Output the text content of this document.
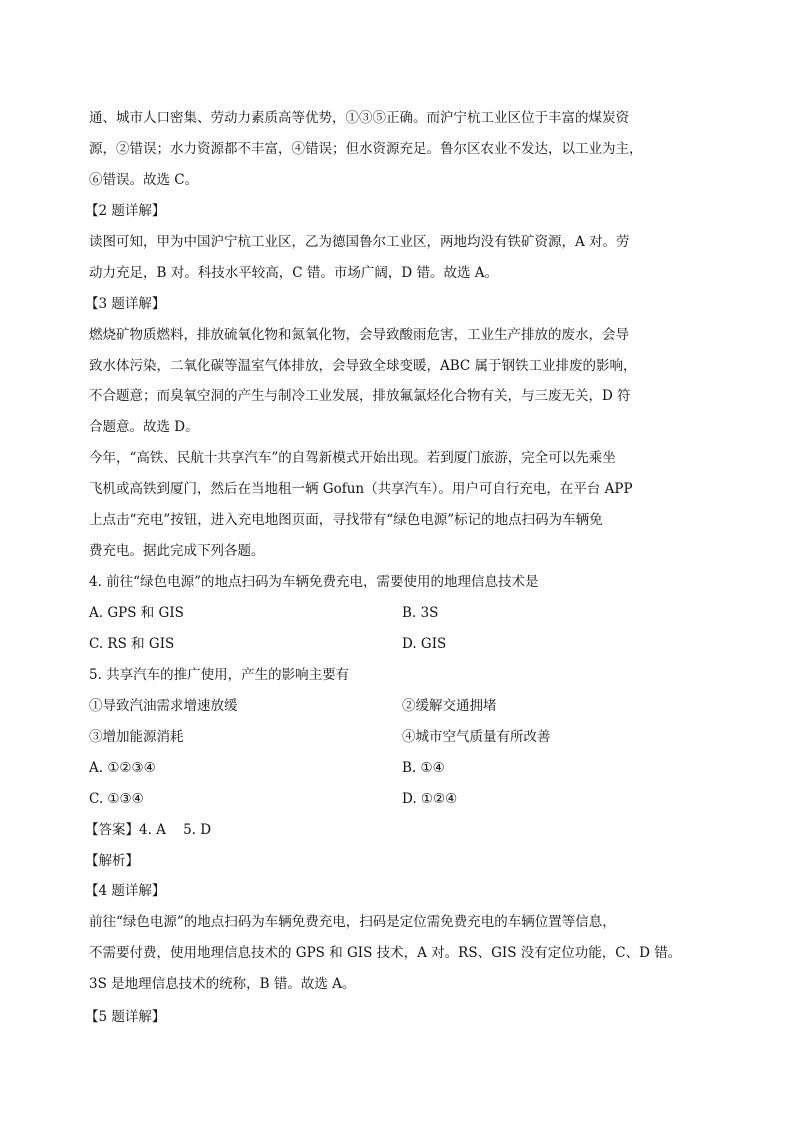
通、城市人口密集、劳动力素质高等优势，①③⑤正确。而沪宁杭工业区位于丰富的煤炭资
源，②错误；水力资源都不丰富，④错误；但水资源充足。鲁尔区农业不发达，以工业为主，
⑥错误。故选 C。
【2 题详解】
读图可知，甲为中国沪宁杭工业区，乙为德国鲁尔工业区，两地均没有铁矿资源，A 对。劳
动力充足，B 对。科技水平较高，C 错。市场广阔，D 错。故选 A。
【3 题详解】
燃烧矿物质燃料，排放硫氧化物和氮氧化物，会导致酸雨危害，工业生产排放的废水，会导
致水体污染，二氧化碳等温室气体排放，会导致全球变暖，ABC 属于钢铁工业排废的影响，
不合题意；而臭氧空洞的产生与制冷工业发展，排放氟氯烃化合物有关，与三废无关，D 符
合题意。故选 D。
今年，“高铁、民航十共享汽车”的自驾新模式开始出现。若到厦门旅游，完全可以先乘坐
飞机或高铁到厦门，然后在当地租一辆 Gofun（共享汽车）。用户可自行充电，在平台 APP
上点击“充电”按钮，进入充电地图页面，寻找带有“绿色电源”标记的地点扫码为车辆免
费充电。据此完成下列各题。
4. 前往“绿色电源”的地点扫码为车辆免费充电，需要使用的地理信息技术是
A. GPS 和 GIS	B. 3S
C. RS 和 GIS	D. GIS
5. 共享汽车的推广使用，产生的影响主要有
①导致汽油需求增速放缓	②缓解交通拥堵
③增加能源消耗	④城市空气质量有所改善
A. ①②③④	B. ①④
C. ①③④	D. ①②④
【答案】4. A    5. D
【解析】
【4 题详解】
前往“绿色电源”的地点扫码为车辆免费充电，扫码是定位需免费充电的车辆位置等信息，
不需要付费，使用地理信息技术的 GPS 和 GIS 技术，A 对。RS、GIS 没有定位功能，C、D 错。
3S 是地理信息技术的统称，B 错。故选 A。
【5 题详解】
